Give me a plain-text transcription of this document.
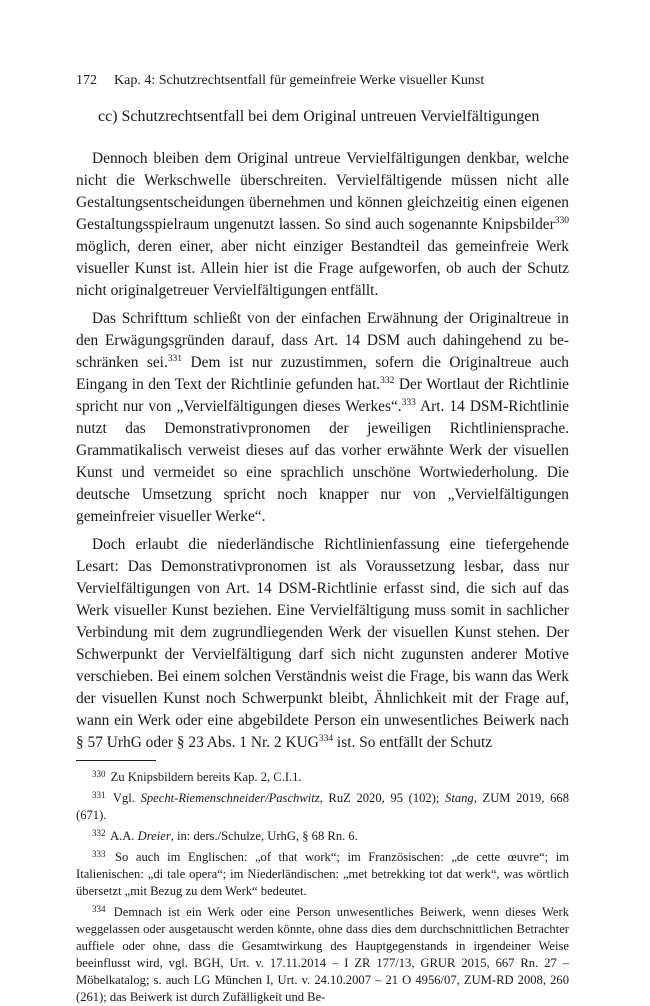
172 Kap. 4: Schutzrechtsentfall für gemeinfreie Werke visueller Kunst
cc) Schutzrechtsentfall bei dem Original untreuen Vervielfältigungen

Dennoch bleiben dem Original untreue Vervielfältigungen denkbar, welche nicht die Werkschwelle überschreiten. Vervielfältigende müssen nicht alle Gestaltungsentscheidungen übernehmen und können gleichzeitig einen eigenen Gestaltungsspielraum ungenutzt lassen. So sind auch sogenannte Knipsbilder$^{330}$ möglich, deren einer, aber nicht einziger Bestandteil das gemeinfreie Werk visueller Kunst ist. Allein hier ist die Frage aufgeworfen, ob auch der Schutz nicht originalgetreuer Vervielfältigungen entfällt.

Das Schrifttum schließt von der einfachen Erwähnung der Originaltreue in den Erwägungsgründen darauf, dass Art. 14 DSM auch dahingehend zu beschränken sei.$^{331}$ Dem ist nur zuzustimmen, sofern die Originaltreue auch Eingang in den Text der Richtlinie gefunden hat.$^{332}$ Der Wortlaut der Richtlinie spricht nur von „Vervielfältigungen dieses Werkes“.$^{333}$ Art. 14 DSM-Richtlinie nutzt das Demonstrativpronomen der jeweiligen Richtliniensprache. Grammatikalisch verweist dieses auf das vorher erwähnte Werk der visuellen Kunst und vermeidet so eine sprachlich unschöne Wortwiederholung. Die deutsche Umsetzung spricht noch knapper nur von „Vervielfältigungen gemeinfreier visueller Werke“.

Doch erlaubt die niederländische Richtlinienfassung eine tiefergehende Lesart: Das Demonstrativpronomen ist als Voraussetzung lesbar, dass nur Vervielfältigungen von Art. 14 DSM-Richtlinie erfasst sind, die sich auf das Werk visueller Kunst beziehen. Eine Vervielfältigung muss somit in sachlicher Verbindung mit dem zugrundliegenden Werk der visuellen Kunst stehen. Der Schwerpunkt der Vervielfältigung darf sich nicht zugunsten anderer Motive verschieben. Bei einem solchen Verständnis weist die Frage, bis wann das Werk der visuellen Kunst noch Schwerpunkt bleibt, Ähnlichkeit mit der Frage auf, wann ein Werk oder eine abgebildete Person ein unwesentliches Beiwerk nach § 57 UrhG oder § 23 Abs. 1 Nr. 2 KUG$^{334}$ ist. So entfällt der Schutz

$^{330}$ Zu Knipsbildern bereits Kap. 2, C.I.1.

$^{331}$ Vgl. Specht-Riemenschneider/Paschwitz, RuZ 2020, 95 (102); Stang, ZUM 2019, 668 (671).

$^{332}$ A.A. Dreier, in: ders./Schulze, UrhG, § 68 Rn. 6.

$^{333}$ So auch im Englischen: „of that work“; im Französischen: „de cette œuvre“; im Italienischen: „di tale opera“; im Niederländischen: „met betrekking tot dat werk“, was wörtlich übersetzt „mit Bezug zu dem Werk“ bedeutet.

$^{334}$ Demnach ist ein Werk oder eine Person unwesentliches Beiwerk, wenn dieses Werk weggelassen oder ausgetauscht werden könnte, ohne dass dies dem durchschnittlichen Betrachter auffiele oder ohne, dass die Gesamtwirkung des Hauptgegenstands in irgendeiner Weise beeinflusst wird, vgl. BGH, Urt. v. 17.11.2014 – I ZR 177/13, GRUR 2015, 667 Rn. 27 – Möbelkatalog; s. auch LG München I, Urt. v. 24.10.2007 – 21 O 4956/07, ZUM-RD 2008, 260 (261); das Beiwerk ist durch Zufälligkeit und Be-
